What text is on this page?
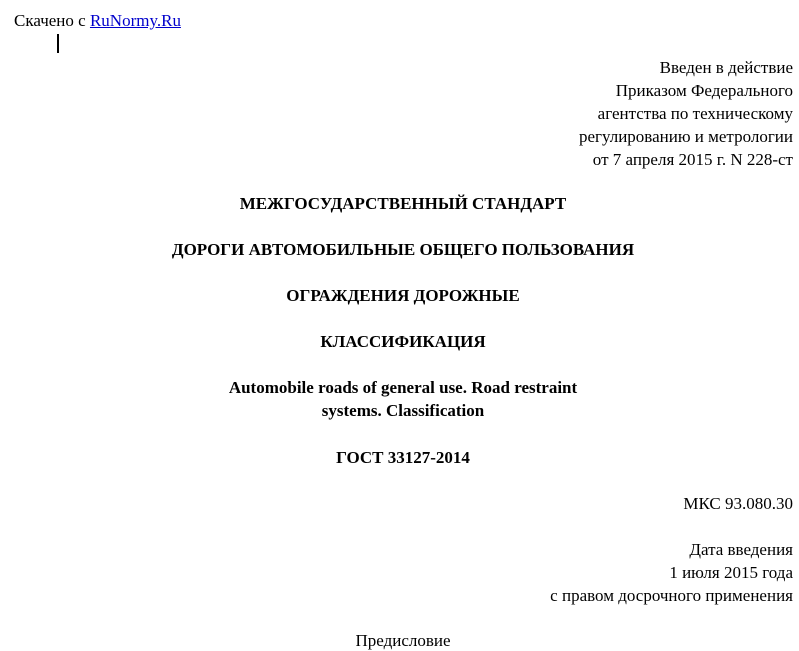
Скачено с RuNormy.Ru
Введен в действие
Приказом Федерального
агентства по техническому
регулированию и метрологии
от 7 апреля 2015 г. N 228-ст
МЕЖГОСУДАРСТВЕННЫЙ СТАНДАРТ
ДОРОГИ АВТОМОБИЛЬНЫЕ ОБЩЕГО ПОЛЬЗОВАНИЯ
ОГРАЖДЕНИЯ ДОРОЖНЫЕ
КЛАССИФИКАЦИЯ
Automobile roads of general use. Road restraint
systems. Classification
ГОСТ 33127-2014
МКС 93.080.30
Дата введения
1 июля 2015 года
с правом досрочного применения
Предисловие
